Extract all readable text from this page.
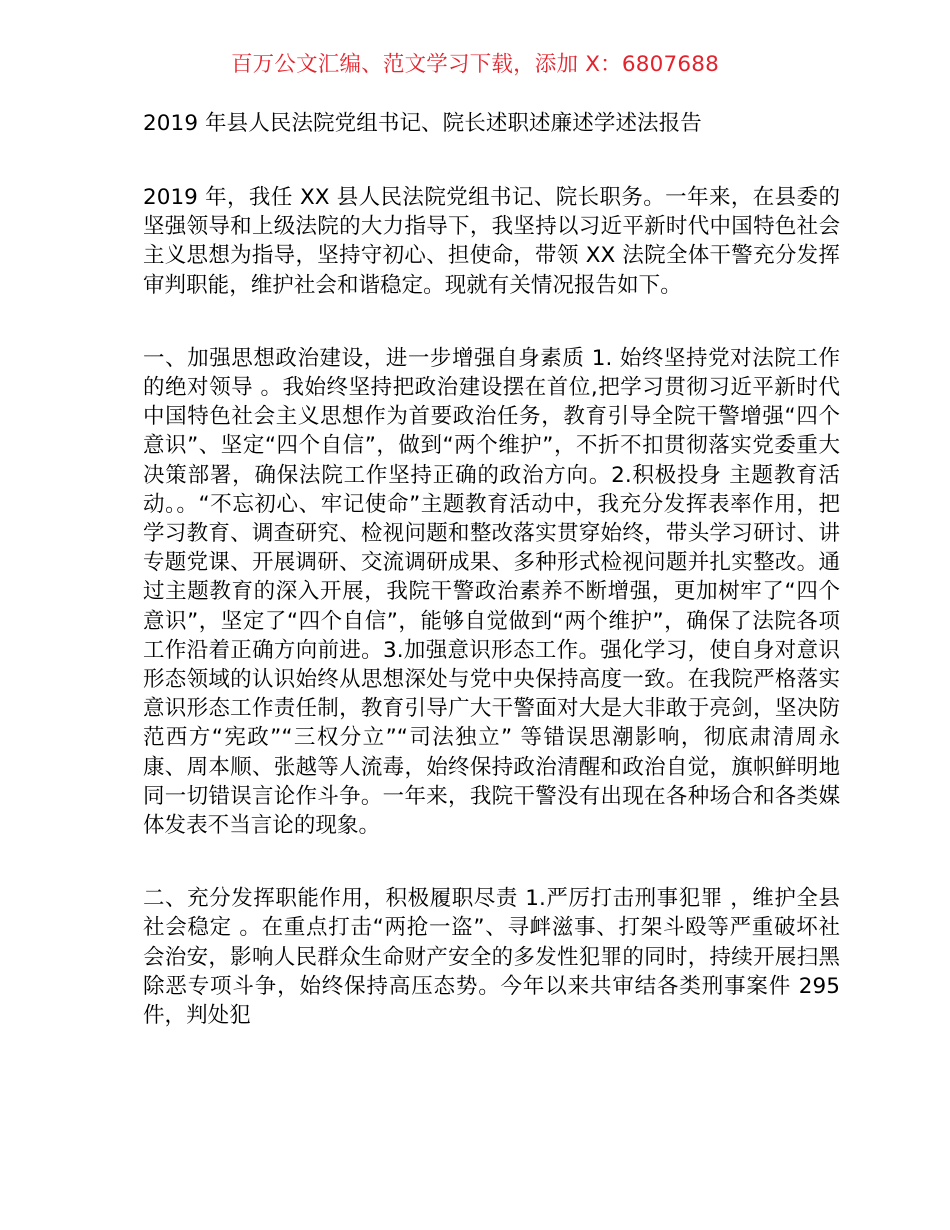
百万公文汇编、范文学习下载，添加 X：6807688
2019 年县人民法院党组书记、院长述职述廉述学述法报告

2019 年，我任 XX 县人民法院党组书记、院长职务。一年来，在县委的坚强领导和上级法院的大力指导下，我坚持以习近平新时代中国特色社会主义思想为指导，坚持守初心、担使命，带领 XX 法院全体干警充分发挥审判职能，维护社会和谐稳定。现就有关情况报告如下。

一、加强思想政治建设，进一步增强自身素质 1. 始终坚持党对法院工作的绝对领导 。我始终坚持把政治建设摆在首位,把学习贯彻习近平新时代中国特色社会主义思想作为首要政治任务，教育引导全院干警增强“四个意识”、坚定“四个自信”，做到“两个维护”，不折不扣贯彻落实党委重大决策部署，确保法院工作坚持正确的政治方向。2.积极投身 主题教育活动。。“不忘初心、牢记使命”主题教育活动中，我充分发挥表率作用，把学习教育、调查研究、检视问题和整改落实贯穿始终，带头学习研讨、讲专题党课、开展调研、交流调研成果、多种形式检视问题并扎实整改。通过主题教育的深入开展，我院干警政治素养不断增强，更加树牢了“四个意识”，坚定了“四个自信”，能够自觉做到“两个维护”，确保了法院各项工作沿着正确方向前进。3.加强意识形态工作。强化学习，使自身对意识形态领域的认识始终从思想深处与党中央保持高度一致。在我院严格落实意识形态工作责任制，教育引导广大干警面对大是大非敢于亮剑，坚决防范西方“宪政”“三权分立”“司法独立” 等错误思潮影响，彻底肃清周永康、周本顺、张越等人流毒，始终保持政治清醒和政治自觉，旗帜鲜明地同一切错误言论作斗争。一年来，我院干警没有出现在各种场合和各类媒体发表不当言论的现象。

二、充分发挥职能作用，积极履职尽责 1.严厉打击刑事犯罪 ，维护全县社会稳定 。在重点打击“两抢一盗”、寻衅滋事、打架斗殴等严重破坏社会治安，影响人民群众生命财产安全的多发性犯罪的同时，持续开展扫黑除恶专项斗争，始终保持高压态势。今年以来共审结各类刑事案件 295 件，判处犯
